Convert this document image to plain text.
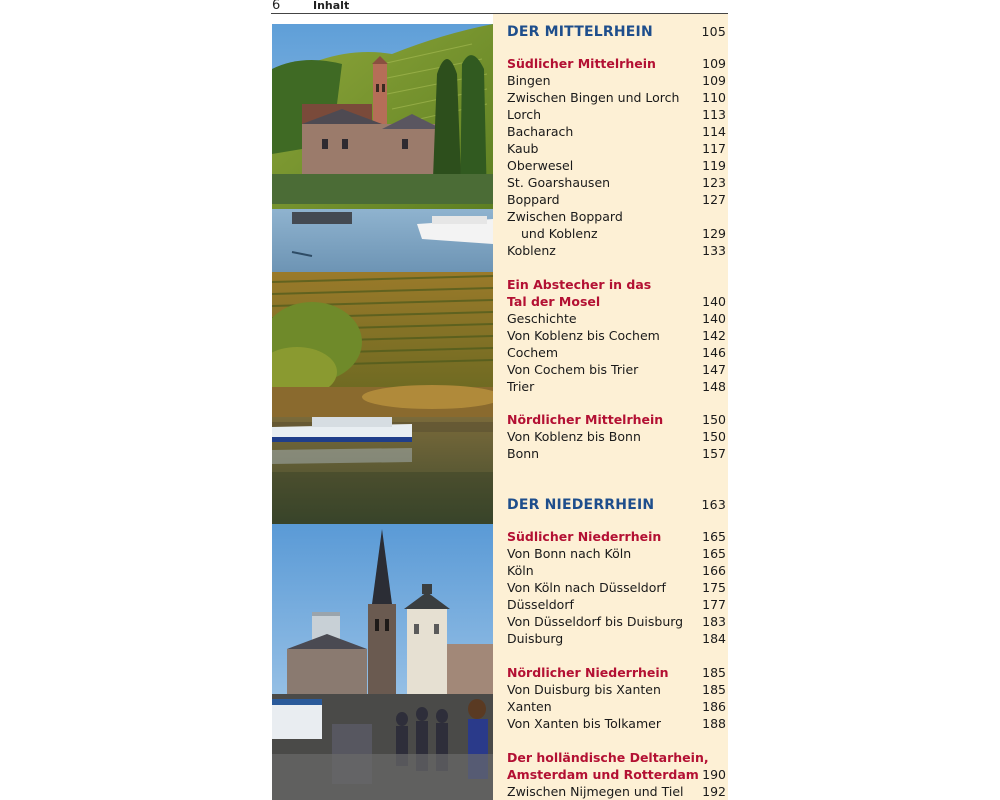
6	Inhalt
DER MITTELRHEIN	105
Südlicher Mittelrhein	109
Bingen	109
Zwischen Bingen und Lorch 110
Lorch	113
Bacharach	114
Kaub	117
Oberwesel	119
St. Goarshausen	123
Boppard	127
Zwischen Boppard
und Koblenz	129
Koblenz	133
Ein Abstecher in das
Tal der Mosel	140
Geschichte	140
Von Koblenz bis Cochem	142
Cochem	146
Von Cochem bis Trier	147
Trier	148
Nördlicher Mittelrhein	150
Von Koblenz bis Bonn	150
Bonn	157
DER NIEDERRHEIN	163
Südlicher Niederrhein	165
Von Bonn nach Köln	165
Köln	166
Von Köln nach Düsseldorf	175
Düsseldorf	177
Von Düsseldorf bis Duisburg 183
Duisburg	184
Nördlicher Niederrhein	185
Von Duisburg bis Xanten	185
Xanten	186
Von Xanten bis Tolkamer	188
Der holländische Deltarhein,
Amsterdam und Rotterdam 190
Zwischen Nijmegen und Tiel 192
